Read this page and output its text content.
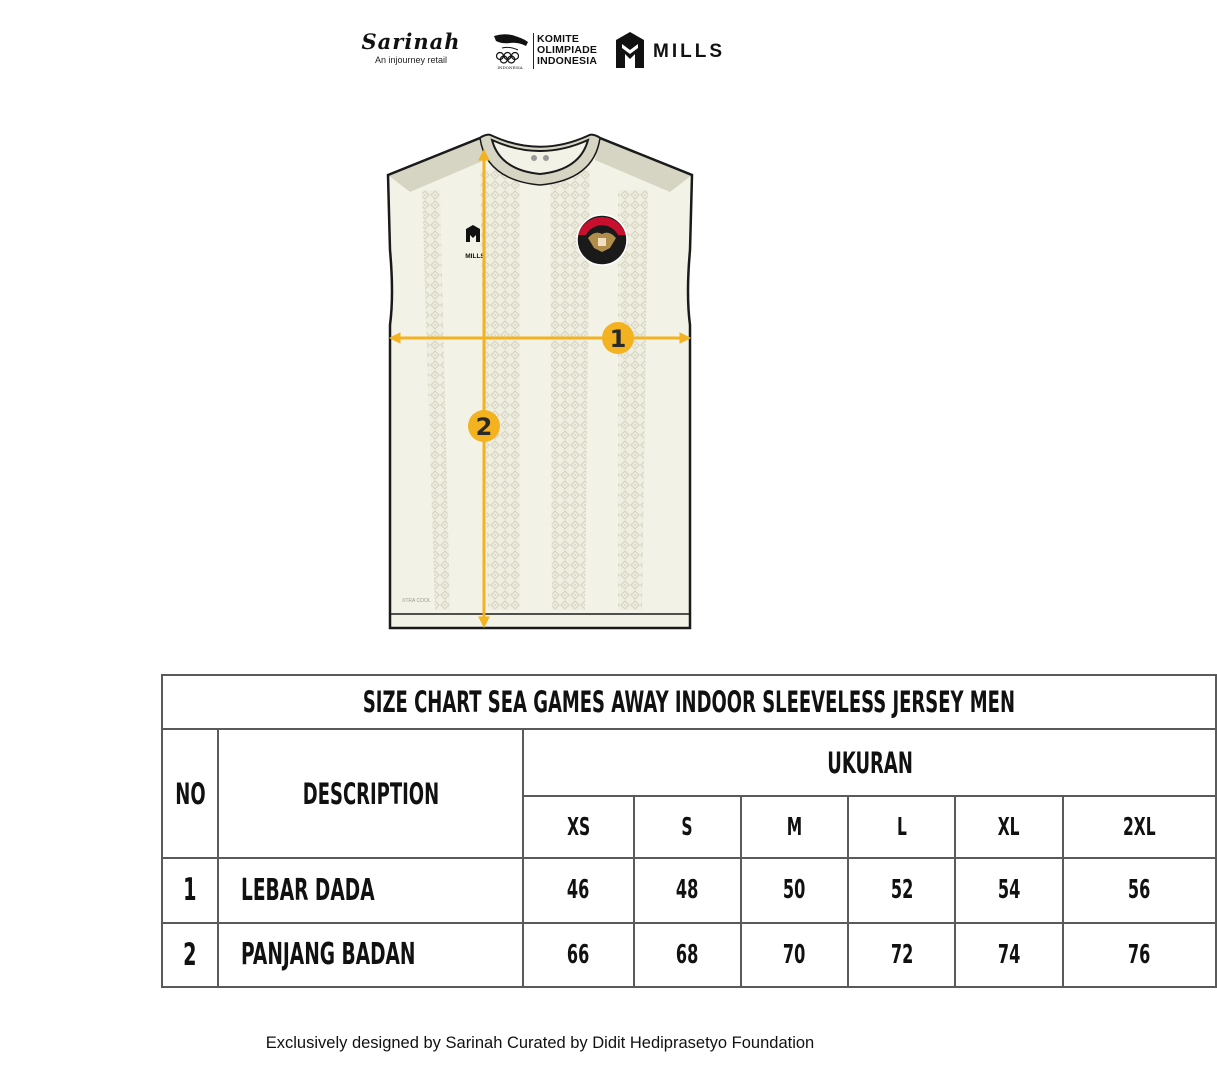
Sarinah
An injourney retail
INDONESIA
KOMITE
OLIMPIADE
INDONESIA	MILLS
MILLS
XTRA COOL
1
2
SIZE CHART SEA GAMES AWAY INDOOR SLEEVELESS JERSEY MEN							
NO	DESCRIPTION	UKURAN					
		XS	S	M	L	XL	2XL
1	LEBAR DADA	46	48	50	52	54	56
2	PANJANG BADAN	66	68	70	72	74	76
Exclusively designed by Sarinah Curated by Didit Hediprasetyo Foundation
